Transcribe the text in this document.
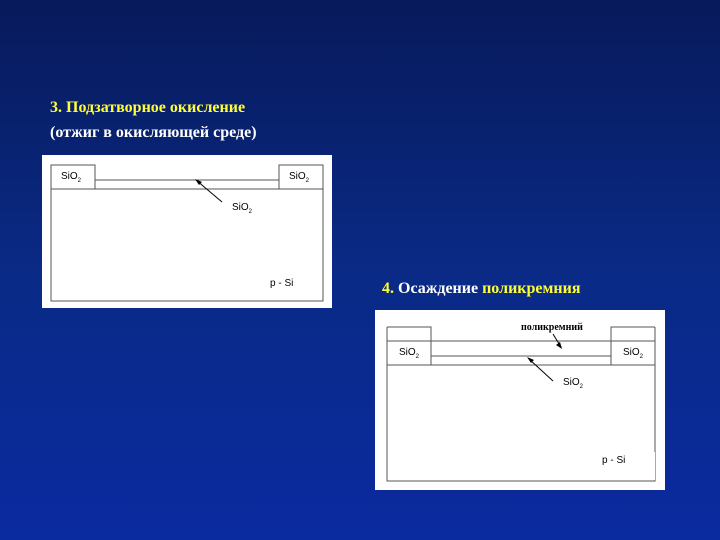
3. Подзатворное окисление
(отжиг в окисляющей среде)
SiO$_2$	SiO$_2$
SiO$_2$
p - Si	4. Осаждение поликремния
поликремний
SiO$_2$	SiO$_2$
SiO$_2$
p - Si
